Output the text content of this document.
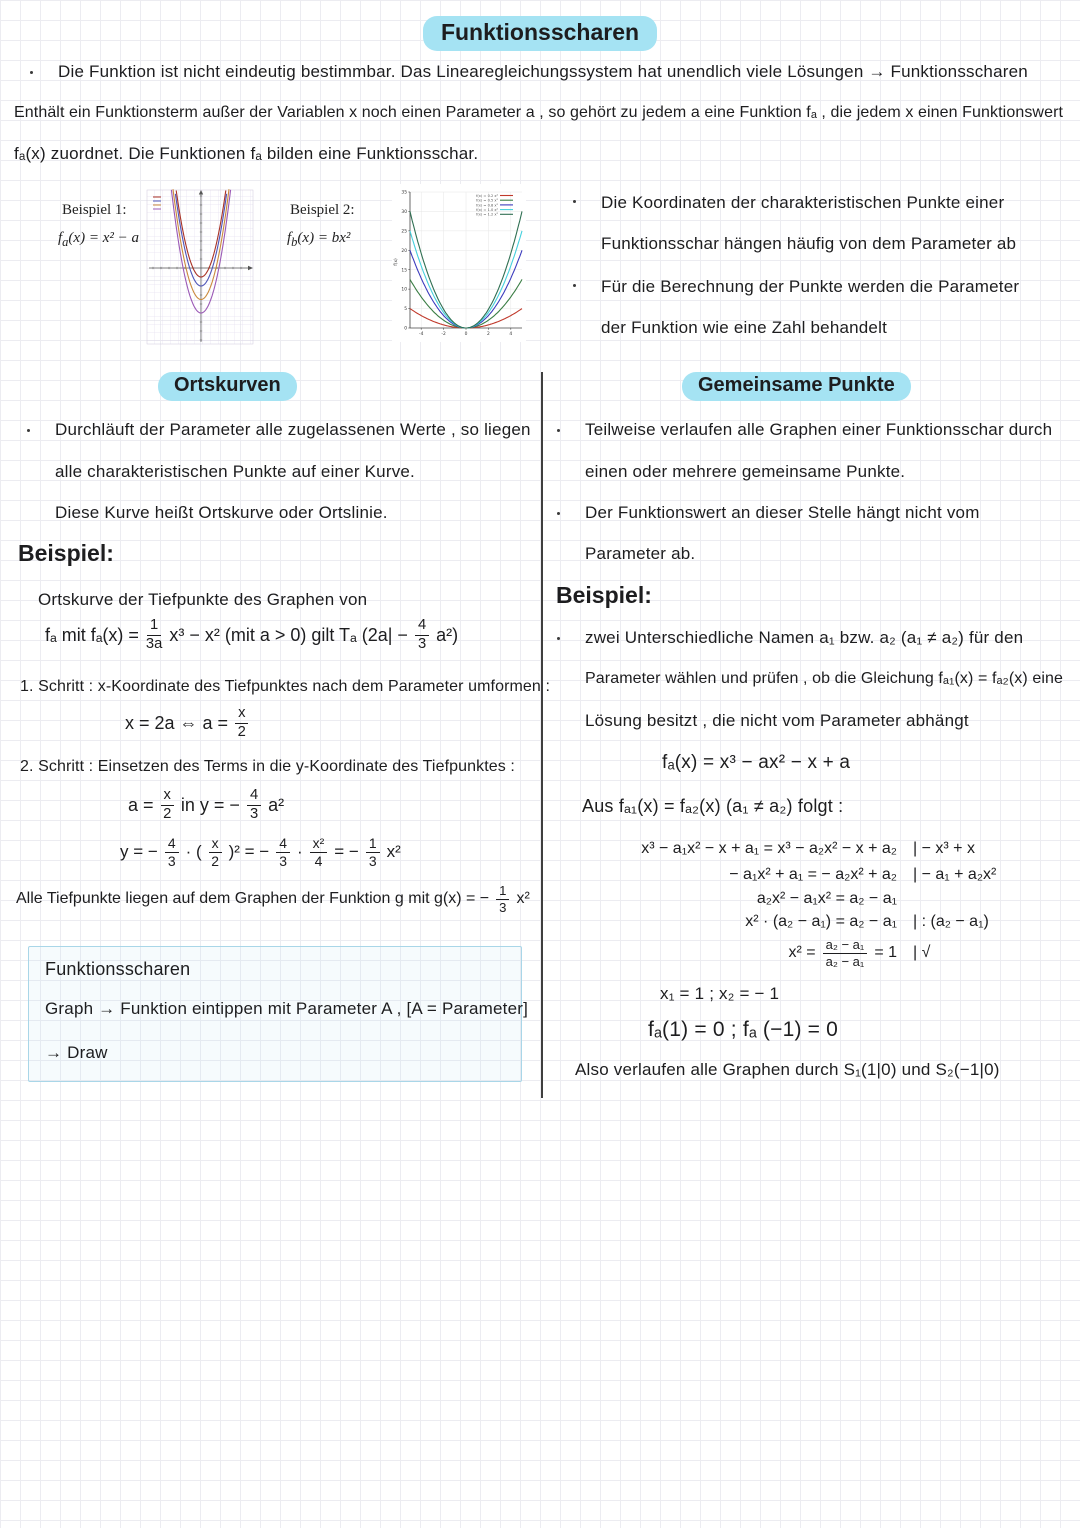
Funktionsscharen
Die Funktion ist nicht eindeutig bestimmbar. Das Linearegleichungssystem hat unendlich viele Lösungen → Funktionsscharen
Enthält ein Funktionsterm außer der Variablen x noch einen Parameter a , so gehört zu jedem a eine Funktion fₐ , die jedem x einen Funktionswert
fₐ(x) zuordnet. Die Funktionen fₐ bilden eine Funktionsschar.
Beispiel 1:
$f_a(x) = x^2 - a$
Beispiel 2:
$f_b(x) = bx^2$
0
5
10
15
20
25
30
35
-4	-2	0	2	4
f(x)
f(x) = 0.2 x²
f(x) = 0.5 x²
f(x) = 0.8 x²
f(x) = 1.0 x²
f(x) = 1.2 x²
Die Koordinaten der charakteristischen Punkte einer
Funktionsschar hängen häufig von dem Parameter ab
Für die Berechnung der Punkte werden die Parameter
der Funktion wie eine Zahl behandelt
Ortskurven
Durchläuft der Parameter alle zugelassenen Werte , so liegen
alle charakteristischen Punkte auf einer Kurve.
Diese Kurve heißt Ortskurve oder Ortslinie.
Beispiel:
Ortskurve der Tiefpunkte des Graphen von
fₐ mit $f_a(x) = \frac{1}{3a} x^3 - x^2$ (mit a > 0) gilt Tₐ $(2a| - \frac{4}{3} a^2)$
1. Schritt : x-Koordinate des Tiefpunktes nach dem Parameter umformen :
x = 2a ⇔ $a = \frac{x}{2}$
2. Schritt : Einsetzen des Terms in die y-Koordinate des Tiefpunktes :
$a = \frac{x}{2}$ in y = − $\frac{4}{3} a^2$
y = − $\frac{4}{3}$ · ( x
2 )² = − $\frac{4}{3} \cdot \frac{\text{x²}}{4}$ = − $\frac{1}{3} x^2$
Alle Tiefpunkte liegen auf dem Graphen der Funktion g mit g(x) = − $\frac{1}{3} x^2$
Funktionsscharen
Graph → Funktion eintippen mit Parameter A , [A = Parameter]
→ Draw
Gemeinsame Punkte
Teilweise verlaufen alle Graphen einer Funktionsschar durch
einen oder mehrere gemeinsame Punkte.
Der Funktionswert an dieser Stelle hängt nicht vom
Parameter ab.
Beispiel:
zwei Unterschiedliche Namen a₁ bzw. a₂ (a₁ ≠ a₂) für den
Parameter wählen und prüfen , ob die Gleichung fₐ₁(x) = fₐ₂(x) eine
Lösung besitzt , die nicht vom Parameter abhängt
fₐ(x) = x³ − ax² − x + a
Aus fₐ₁(x) = fₐ₂(x) (a₁ ≠ a₂) folgt :
x³ − a₁x² − x + a₁ = x³ − a₂x² − x + a₂ | − x³ + x
− a₁x² + a₁ = − a₂x² + a₂ | − a₁ + a₂x²
a₂x² − a₁x² = a₂ − a₁
x² · (a₂ − a₁) = a₂ − a₁ | : (a₂ − a₁)
$x^2 = \frac{\text{a₂ − a₁}}{\text{a₂ − a₁}} = 1$ | √
x₁ = 1 ; x₂ = − 1
fₐ(1) = 0 ; fₐ (−1) = 0
Also verlaufen alle Graphen durch S₁(1|0) und S₂(−1|0)
